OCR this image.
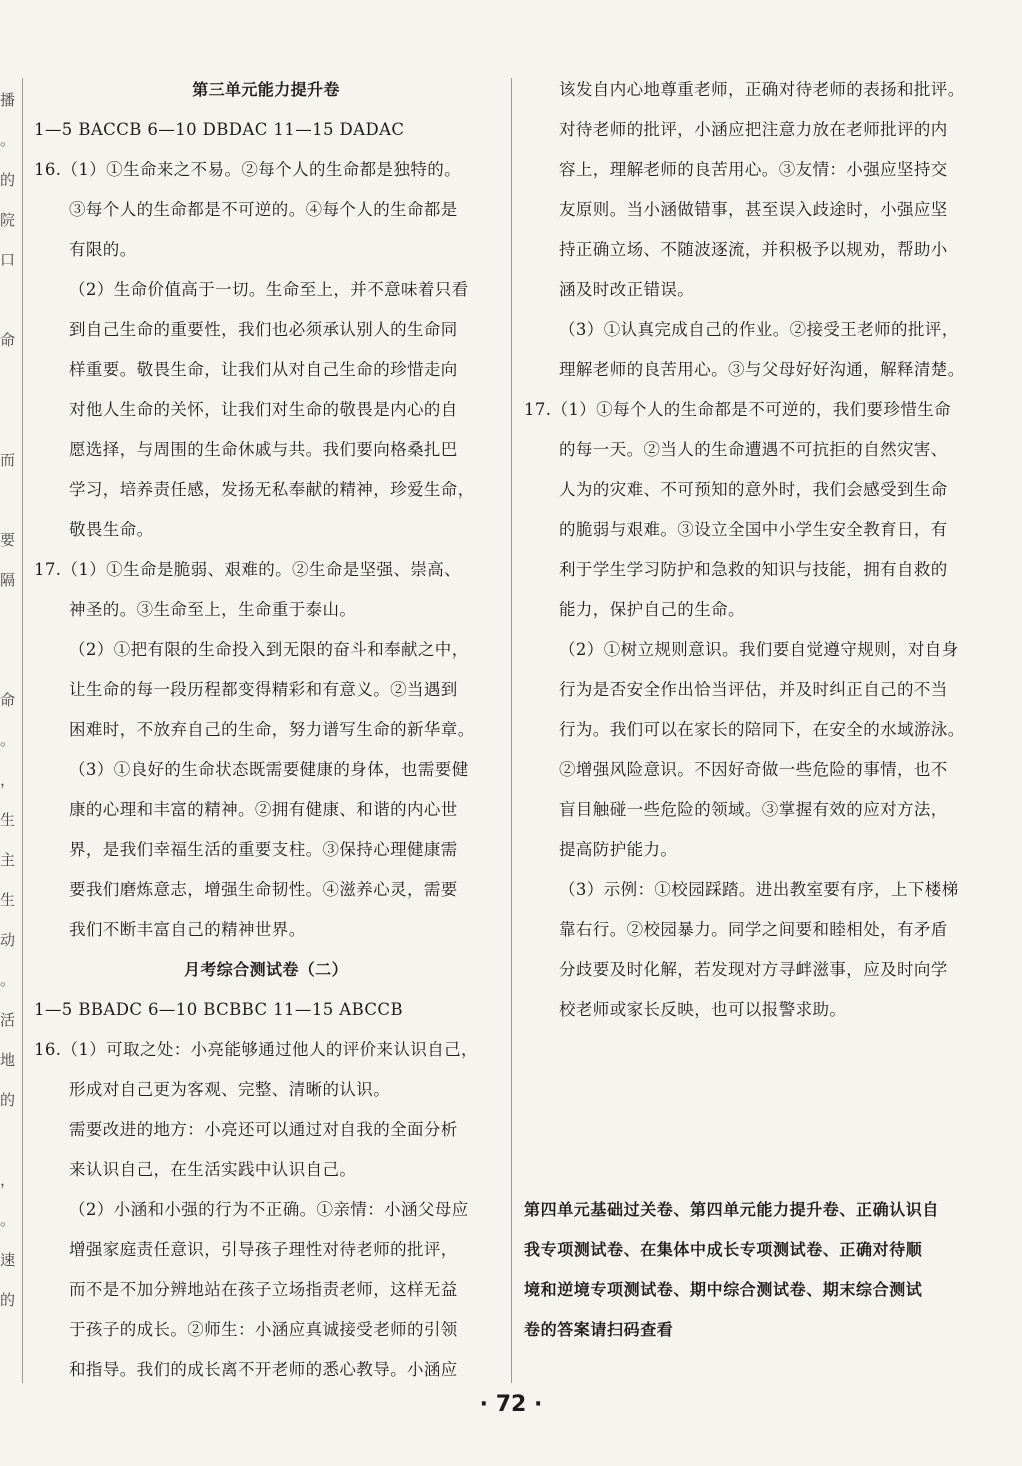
播
。
的
院
口
命
而
要
隔
命
。
，
生
主
生
动
。
活
地
的
，
。
速
的
第三单元能力提升卷
1—5 BACCB 6—10 DBDAC 11—15 DADAC
16.（1）①生命来之不易。②每个人的生命都是独特的。
③每个人的生命都是不可逆的。④每个人的生命都是
有限的。
（2）生命价值高于一切。生命至上，并不意味着只看
到自己生命的重要性，我们也必须承认别人的生命同
样重要。敬畏生命，让我们从对自己生命的珍惜走向
对他人生命的关怀，让我们对生命的敬畏是内心的自
愿选择，与周围的生命休戚与共。我们要向格桑扎巴
学习，培养责任感，发扬无私奉献的精神，珍爱生命，
敬畏生命。
17.（1）①生命是脆弱、艰难的。②生命是坚强、崇高、
神圣的。③生命至上，生命重于泰山。
（2）①把有限的生命投入到无限的奋斗和奉献之中，
让生命的每一段历程都变得精彩和有意义。②当遇到
困难时，不放弃自己的生命，努力谱写生命的新华章。
（3）①良好的生命状态既需要健康的身体，也需要健
康的心理和丰富的精神。②拥有健康、和谐的内心世
界，是我们幸福生活的重要支柱。③保持心理健康需
要我们磨炼意志，增强生命韧性。④滋养心灵，需要
我们不断丰富自己的精神世界。
月考综合测试卷（二）
1—5 BBADC 6—10 BCBBC 11—15 ABCCB
16.（1）可取之处：小亮能够通过他人的评价来认识自己，
形成对自己更为客观、完整、清晰的认识。
需要改进的地方：小亮还可以通过对自我的全面分析
来认识自己，在生活实践中认识自己。
（2）小涵和小强的行为不正确。①亲情：小涵父母应
增强家庭责任意识，引导孩子理性对待老师的批评，
而不是不加分辨地站在孩子立场指责老师，这样无益
于孩子的成长。②师生：小涵应真诚接受老师的引领
和指导。我们的成长离不开老师的悉心教导。小涵应
该发自内心地尊重老师，正确对待老师的表扬和批评。
对待老师的批评，小涵应把注意力放在老师批评的内
容上，理解老师的良苦用心。③友情：小强应坚持交
友原则。当小涵做错事，甚至误入歧途时，小强应坚
持正确立场、不随波逐流，并积极予以规劝，帮助小
涵及时改正错误。
（3）①认真完成自己的作业。②接受王老师的批评，
理解老师的良苦用心。③与父母好好沟通，解释清楚。
17.（1）①每个人的生命都是不可逆的，我们要珍惜生命
的每一天。②当人的生命遭遇不可抗拒的自然灾害、
人为的灾难、不可预知的意外时，我们会感受到生命
的脆弱与艰难。③设立全国中小学生安全教育日，有
利于学生学习防护和急救的知识与技能，拥有自救的
能力，保护自己的生命。
（2）①树立规则意识。我们要自觉遵守规则，对自身
行为是否安全作出恰当评估，并及时纠正自己的不当
行为。我们可以在家长的陪同下，在安全的水域游泳。
②增强风险意识。不因好奇做一些危险的事情，也不
盲目触碰一些危险的领域。③掌握有效的应对方法，
提高防护能力。
（3）示例：①校园踩踏。进出教室要有序，上下楼梯
靠右行。②校园暴力。同学之间要和睦相处，有矛盾
分歧要及时化解，若发现对方寻衅滋事，应及时向学
校老师或家长反映，也可以报警求助。
第四单元基础过关卷、第四单元能力提升卷、正确认识自
我专项测试卷、在集体中成长专项测试卷、正确对待顺
境和逆境专项测试卷、期中综合测试卷、期末综合测试
卷的答案请扫码查看
· 72 ·
